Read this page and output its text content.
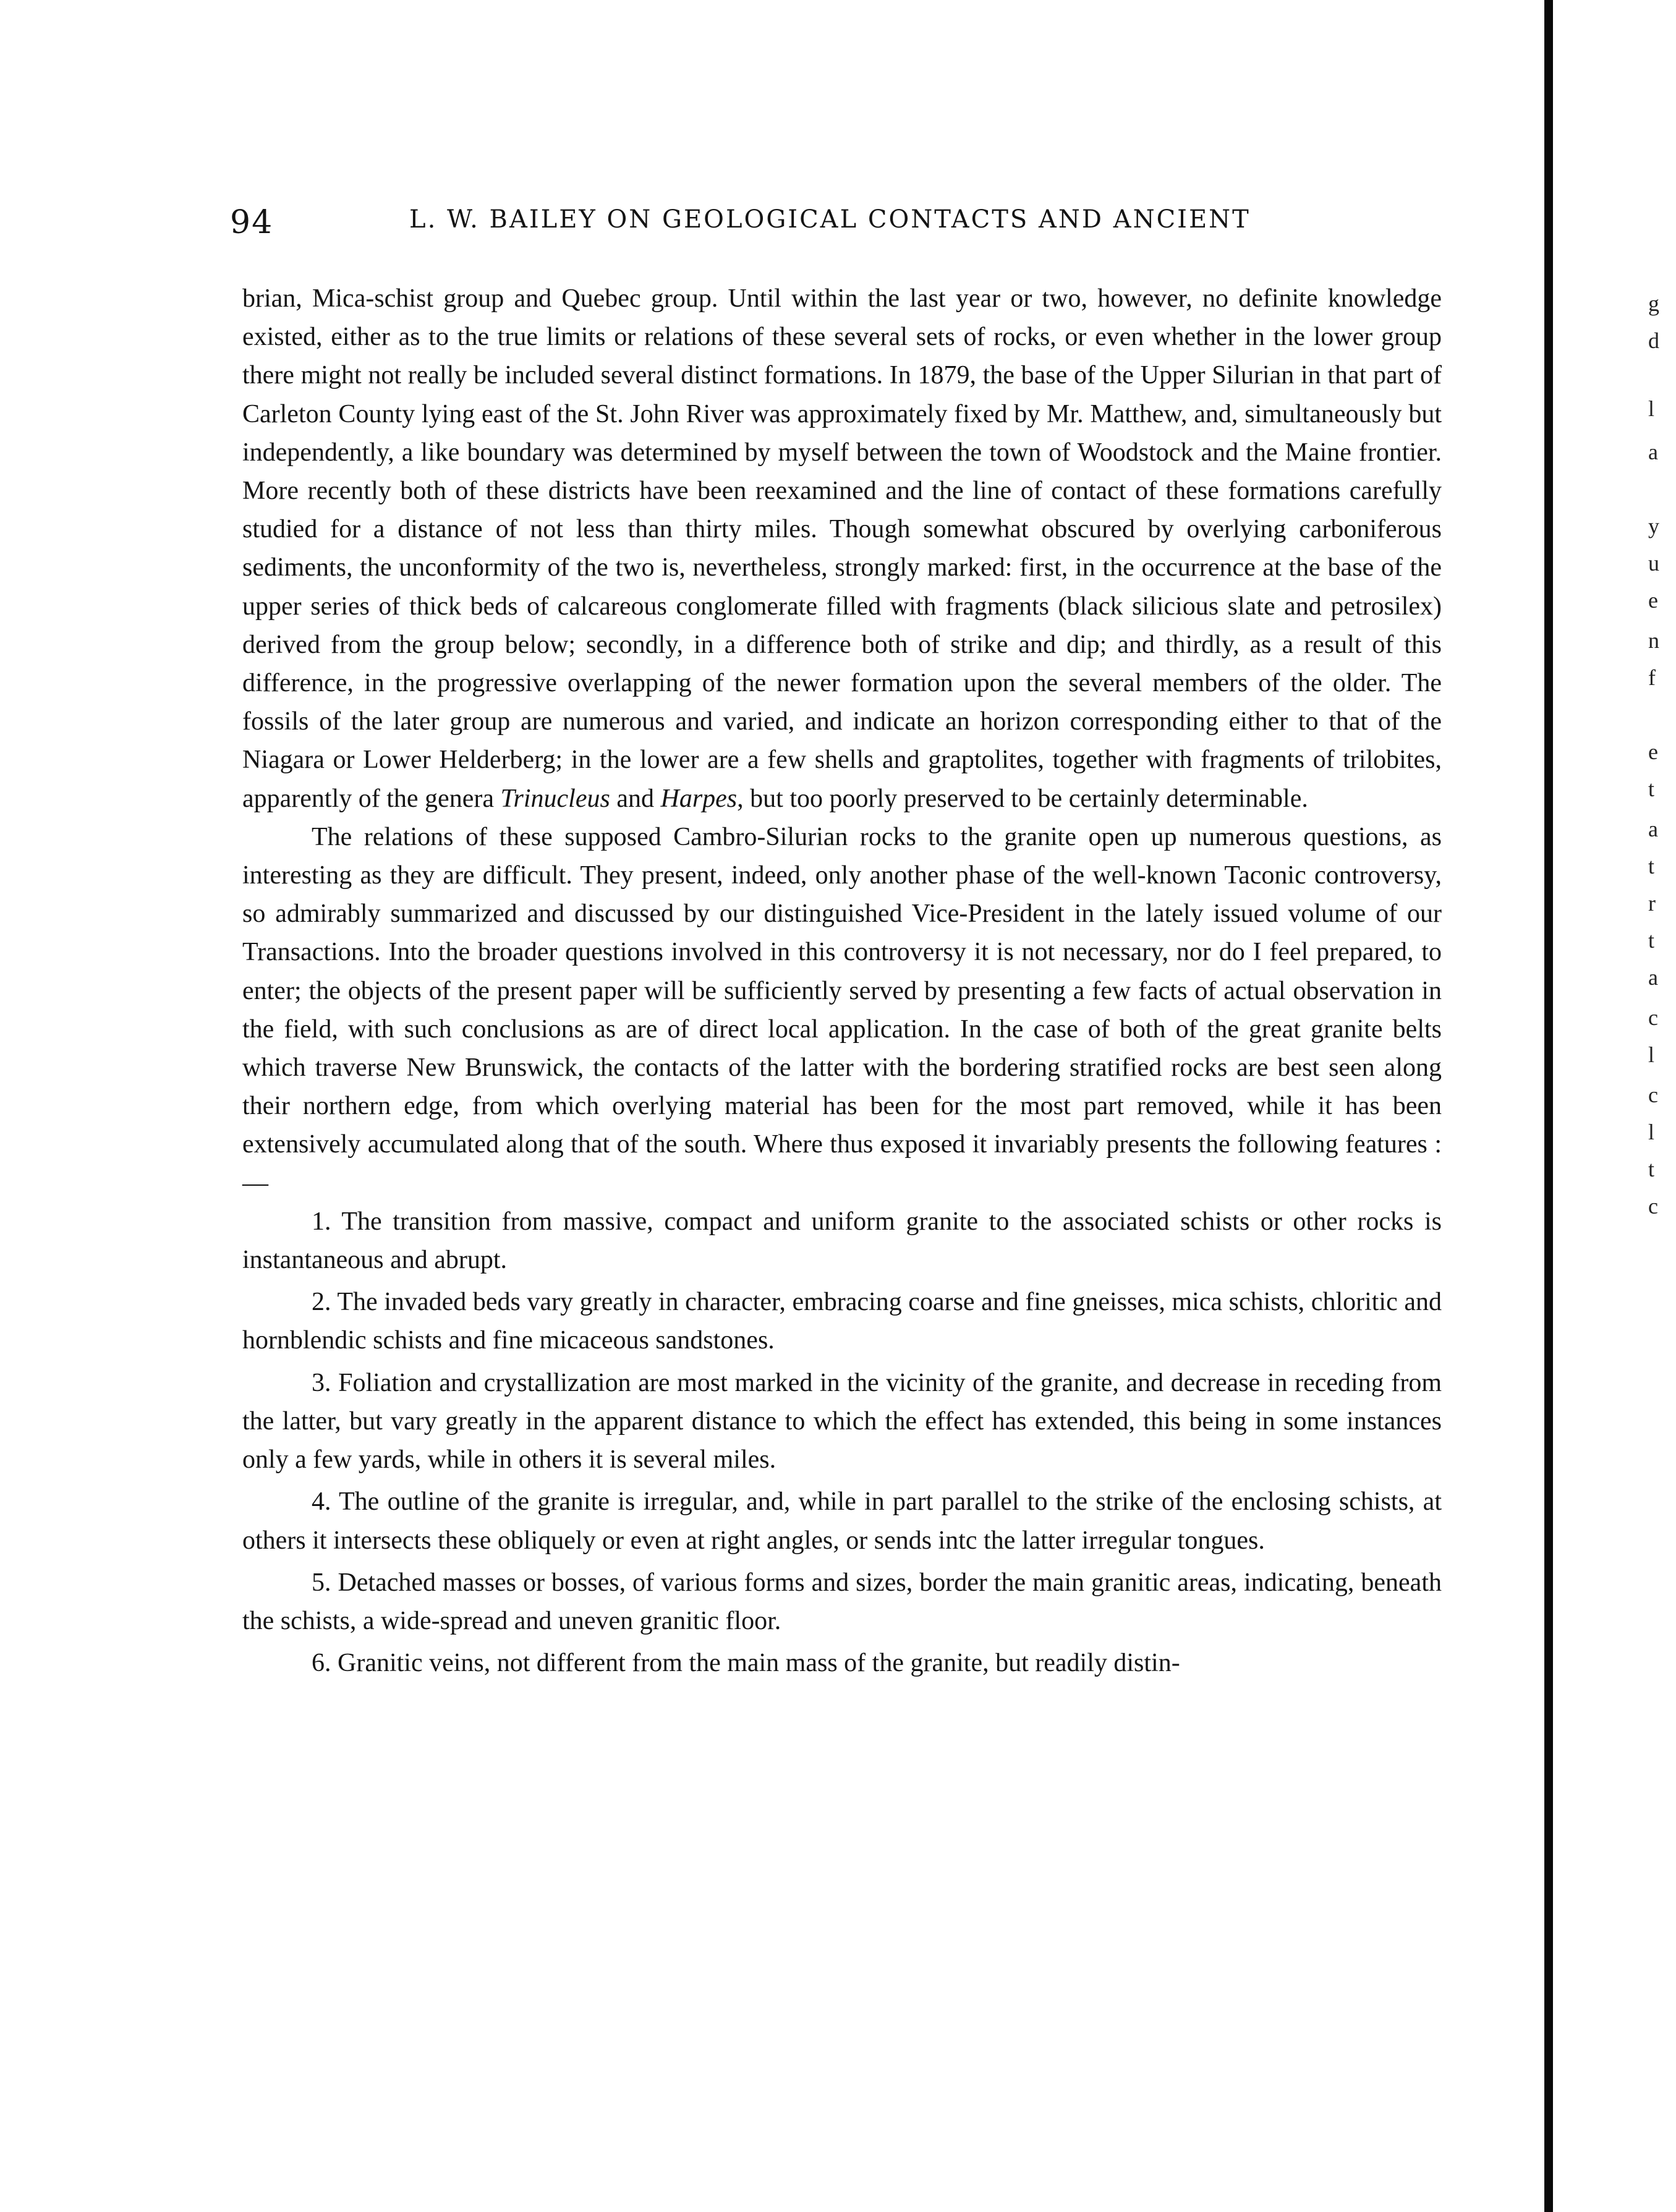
94	L. W. BAILEY ON GEOLOGICAL CONTACTS AND ANCIENT

brian, Mica-schist group and Quebec group. Until within the last year or two, however, no definite knowledge existed, either as to the true limits or relations of these several sets of rocks, or even whether in the lower group there might not really be included several distinct formations. In 1879, the base of the Upper Silurian in that part of Carleton County lying east of the St. John River was approximately fixed by Mr. Matthew, and, simultaneously but independently, a like boundary was determined by myself between the town of Woodstock and the Maine frontier. More recently both of these districts have been reexamined and the line of contact of these formations carefully studied for a distance of not less than thirty miles. Though somewhat obscured by overlying carboniferous sediments, the unconformity of the two is, nevertheless, strongly marked: first, in the occurrence at the base of the upper series of thick beds of calcareous conglomerate filled with fragments (black silicious slate and petrosilex) derived from the group below; secondly, in a difference both of strike and dip; and thirdly, as a result of this difference, in the progressive overlapping of the newer formation upon the several members of the older. The fossils of the later group are numerous and varied, and indicate an horizon corresponding either to that of the Niagara or Lower Helderberg; in the lower are a few shells and graptolites, together with fragments of trilobites, apparently of the genera Trinucleus and Harpes, but too poorly preserved to be certainly determinable.

The relations of these supposed Cambro-Silurian rocks to the granite open up numerous questions, as interesting as they are difficult. They present, indeed, only another phase of the well-known Taconic controversy, so admirably summarized and discussed by our distinguished Vice-President in the lately issued volume of our Transactions. Into the broader questions involved in this controversy it is not necessary, nor do I feel prepared, to enter; the objects of the present paper will be sufficiently served by presenting a few facts of actual observation in the field, with such conclusions as are of direct local application. In the case of both of the great granite belts which traverse New Brunswick, the contacts of the latter with the bordering stratified rocks are best seen along their northern edge, from which overlying material has been for the most part removed, while it has been extensively accumulated along that of the south. Where thus exposed it invariably presents the following features :—

1. The transition from massive, compact and uniform granite to the associated schists or other rocks is instantaneous and abrupt.

2. The invaded beds vary greatly in character, embracing coarse and fine gneisses, mica schists, chloritic and hornblendic schists and fine micaceous sandstones.

3. Foliation and crystallization are most marked in the vicinity of the granite, and decrease in receding from the latter, but vary greatly in the apparent distance to which the effect has extended, this being in some instances only a few yards, while in others it is several miles.

4. The outline of the granite is irregular, and, while in part parallel to the strike of the enclosing schists, at others it intersects these obliquely or even at right angles, or sends intc the latter irregular tongues.

5. Detached masses or bosses, of various forms and sizes, border the main granitic areas, indicating, beneath the schists, a wide-spread and uneven granitic floor.

6. Granitic veins, not different from the main mass of the granite, but readily distin-

g
d
l
a
y
u
e
n
f
e
t
a
t
r
t
a
c
l
c
l
t
c
